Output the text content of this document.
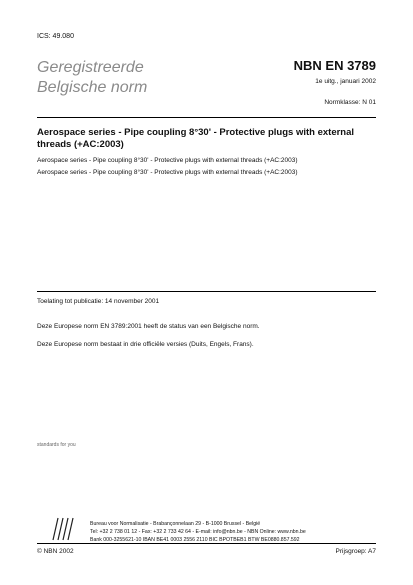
ICS: 49.080
Geregistreerde
Belgische norm
NBN EN 3789
1e uitg., januari 2002
Normklasse: N 01
Aerospace series - Pipe coupling 8°30' - Protective plugs with external threads (+AC:2003)
Aerospace series - Pipe coupling 8°30' - Protective plugs with external threads (+AC:2003)
Aerospace series - Pipe coupling 8°30' - Protective plugs with external threads (+AC:2003)
Toelating tot publicatie: 14 november 2001
Deze Europese norm EN 3789:2001 heeft de status van een Belgische norm.
Deze Europese norm bestaat in drie officiële versies (Duits, Engels, Frans).
standards for you
Bureau voor Normalisatie - Brabançonnelaan 29 - B-1000 Brussel - België
Tel: +32 2 738 01 12 - Fax: +32 2 733 42 64 - E-mail: info@nbn.be - NBN Online: www.nbn.be
Bank 000-3255621-10 IBAN BE41 0003 2556 2110 BIC BPOTBEB1 BTW BE0880.857.592
© NBN 2002	Prijsgroep: A7
